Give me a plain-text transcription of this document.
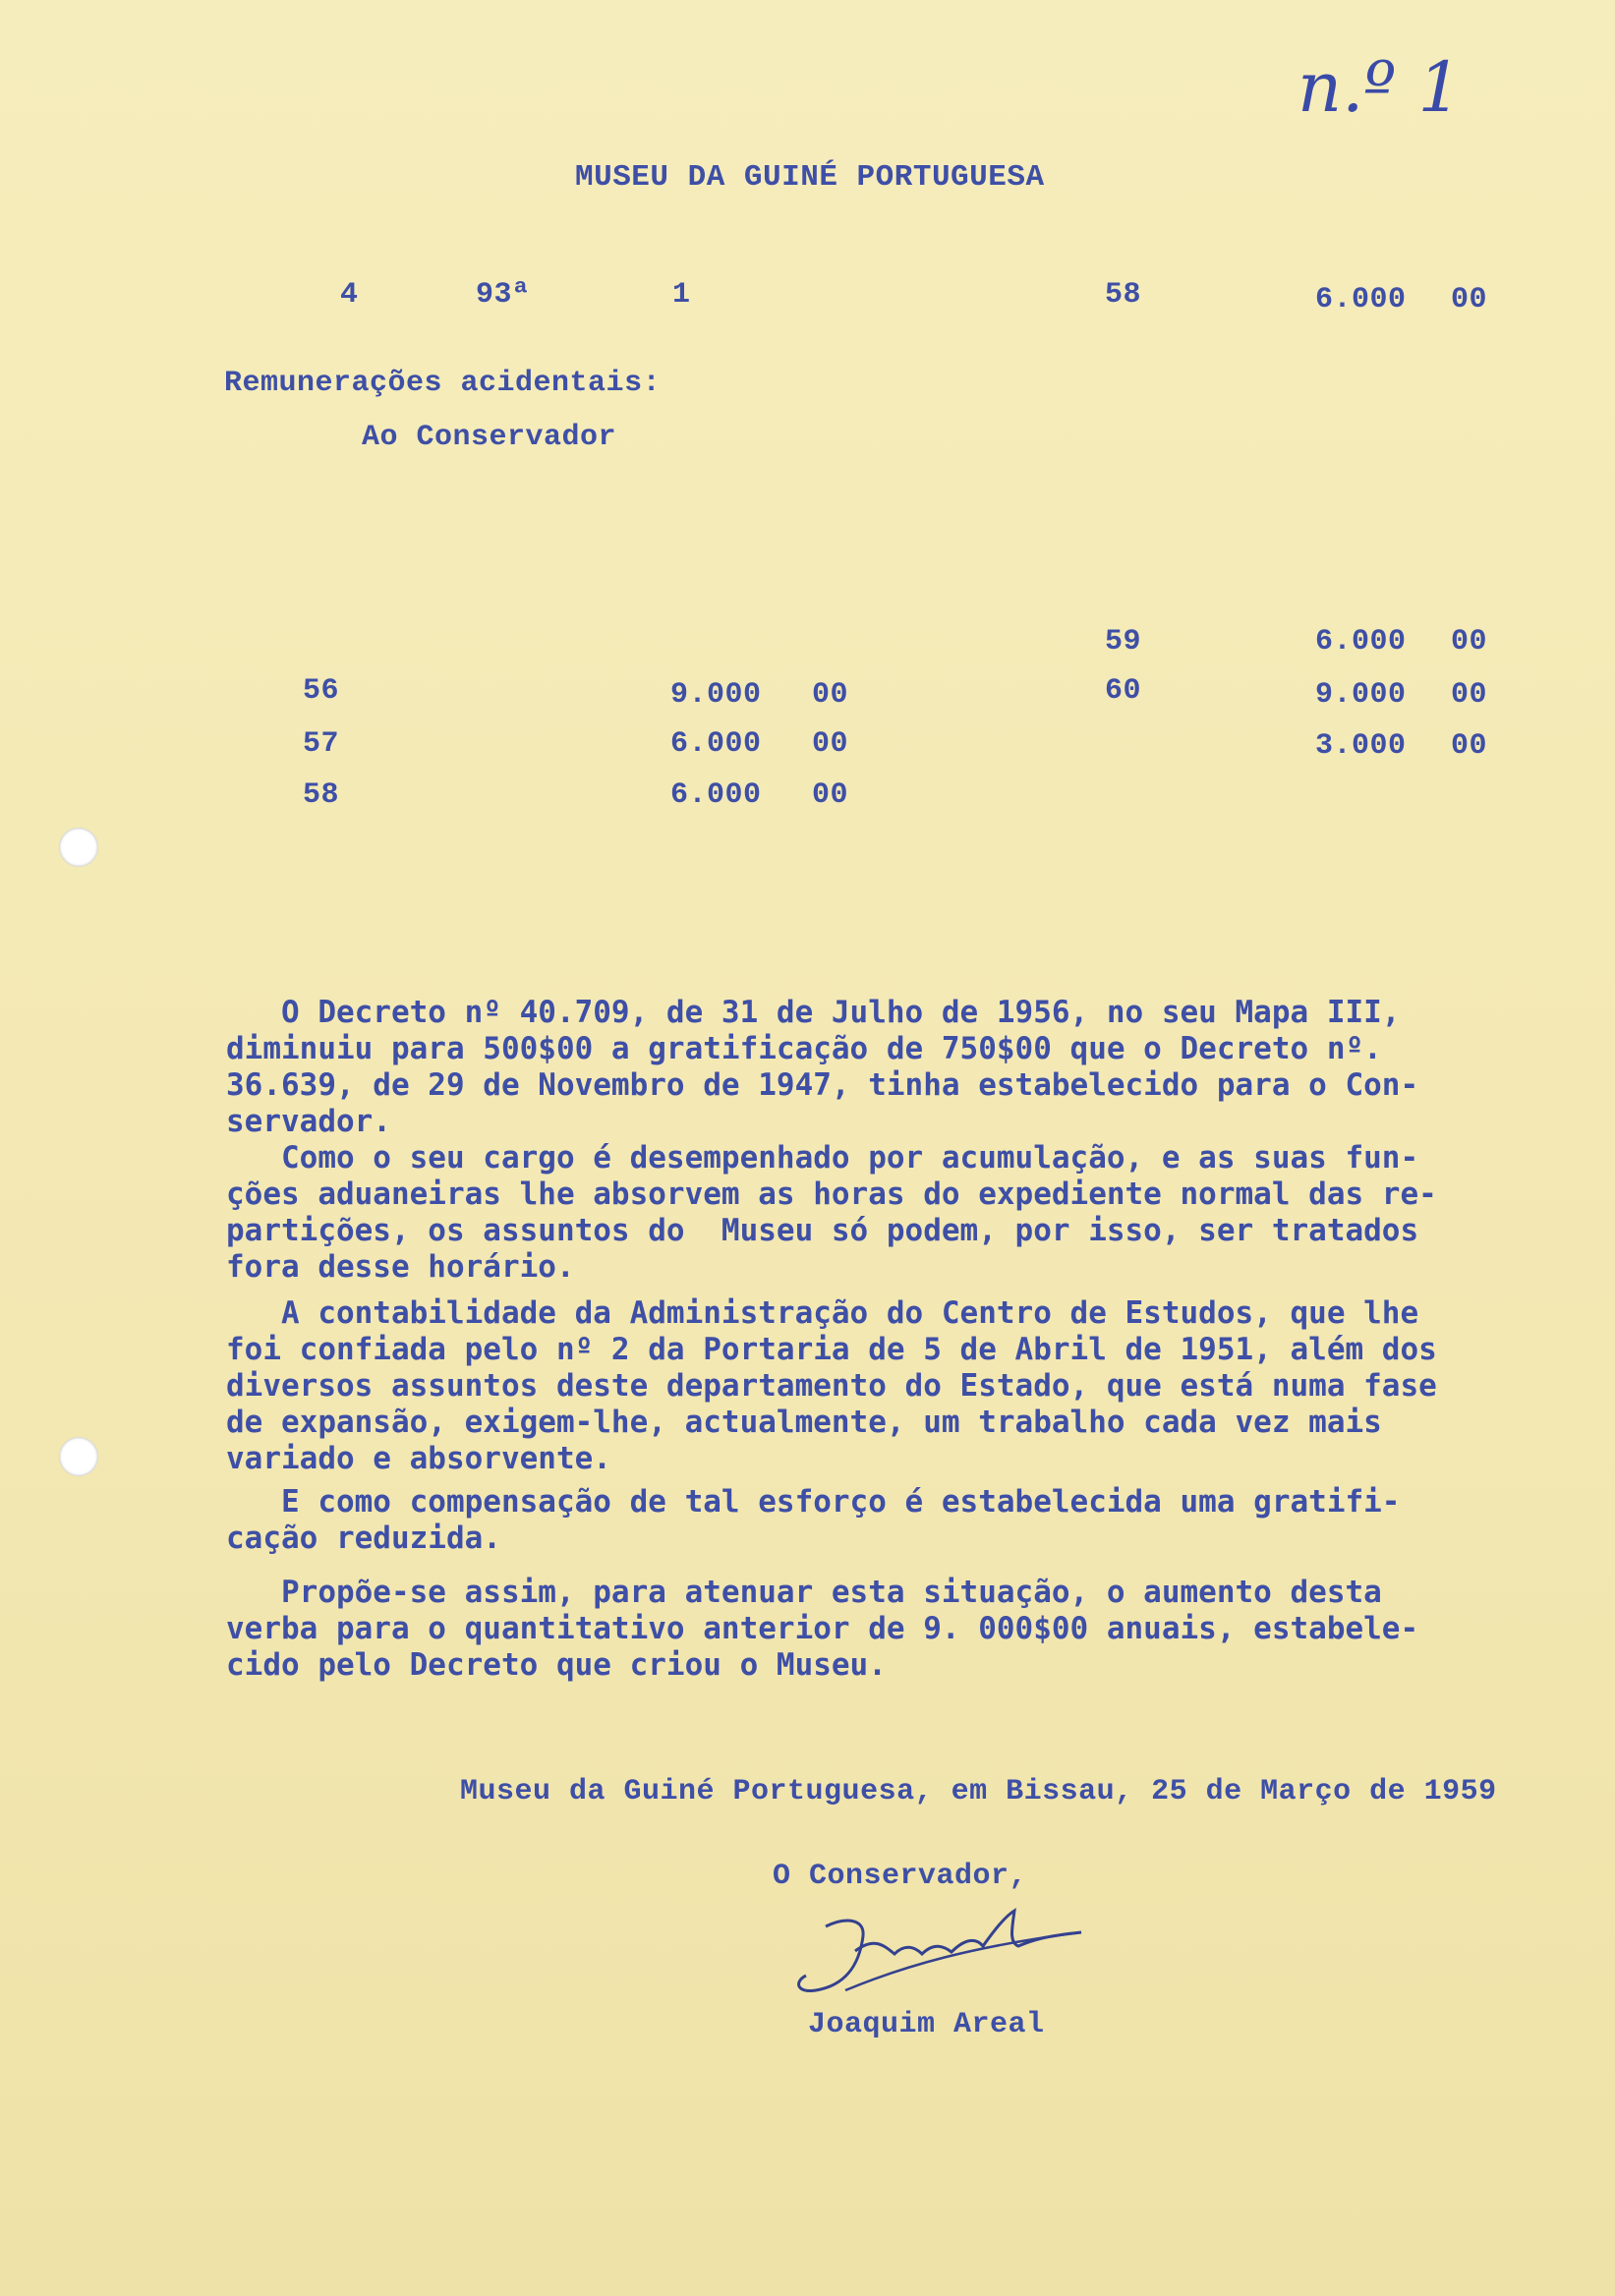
n.º 1
MUSEU DA GUINÉ PORTUGUESA
4	93ª	1	58	6.000 00
Remunerações acidentais:
Ao Conservador
56	9.000 00
57	6.000 00
58	6.000 00
59	6.000 00
60	9.000 00
3.000 00
O Decreto nº 40.709, de 31 de Julho de 1956, no seu Mapa III,
diminuiu para 500$00 a gratificação de 750$00 que o Decreto nº.
36.639, de 29 de Novembro de 1947, tinha estabelecido para o Con-
servador.
Como o seu cargo é desempenhado por acumulação, e as suas fun-
ções aduaneiras lhe absorvem as horas do expediente normal das re-
partições, os assuntos do  Museu só podem, por isso, ser tratados
fora desse horário.
A contabilidade da Administração do Centro de Estudos, que lhe
foi confiada pelo nº 2 da Portaria de 5 de Abril de 1951, além dos
diversos assuntos deste departamento do Estado, que está numa fase
de expansão, exigem-lhe, actualmente, um trabalho cada vez mais
variado e absorvente.
E como compensação de tal esforço é estabelecida uma gratifi-
cação reduzida.
Propõe-se assim, para atenuar esta situação, o aumento desta
verba para o quantitativo anterior de 9. 000$00 anuais, estabele-
cido pelo Decreto que criou o Museu.
Museu da Guiné Portuguesa, em Bissau, 25 de Março de 1959
O Conservador,
Joaquim Areal
